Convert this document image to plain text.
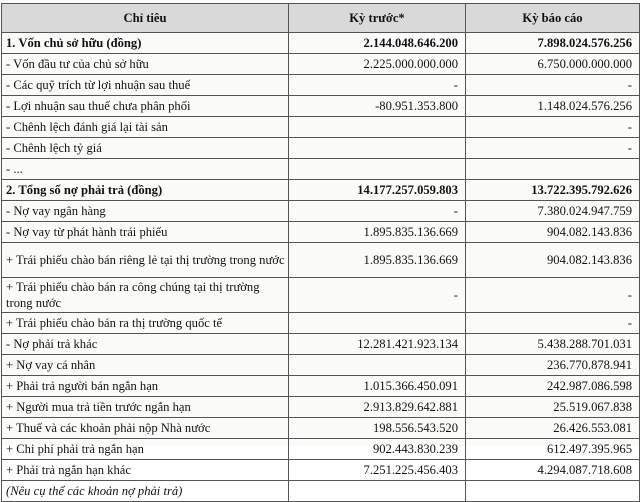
Chỉ tiêu	Kỳ trước*	Kỳ báo cáo
1. Vốn chủ sở hữu (đồng)	2.144.048.646.200	7.898.024.576.256
- Vốn đầu tư của chủ sở hữu	2.225.000.000.000	6.750.000.000.000
- Các quỹ trích từ lợi nhuận sau thuế	-	-
- Lợi nhuận sau thuế chưa phân phối	-80.951.353.800	1.148.024.576.256
- Chênh lệch đánh giá lại tài sản		-
- Chênh lệch tỷ giá		-
- ...		
2. Tổng số nợ phải trả (đồng)	14.177.257.059.803	13.722.395.792.626
- Nợ vay ngân hàng	-	7.380.024.947.759
- Nợ vay từ phát hành trái phiếu	1.895.835.136.669	904.082.143.836
+ Trái phiếu chào bán riêng lẻ tại thị trường trong nước	1.895.835.136.669	904.082.143.836
+ Trái phiếu chào bán ra công chúng tại thị trường trong nước	-	-
+ Trái phiếu chào bán ra thị trường quốc tế		-
- Nợ phải trả khác	12.281.421.923.134	5.438.288.701.031
+ Nợ vay cá nhân		236.770.878.941
+ Phải trả người bán ngắn hạn	1.015.366.450.091	242.987.086.598
+ Người mua trả tiền trước ngắn hạn	2.913.829.642.881	25.519.067.838
+ Thuế và các khoản phải nộp Nhà nước	198.556.543.520	26.426.553.081
+ Chi phí phải trả ngắn hạn	902.443.830.239	612.497.395.965
+ Phải trả ngắn hạn khác	7.251.225.456.403	4.294.087.718.608
(Nêu cụ thể các khoản nợ phải trả)		
